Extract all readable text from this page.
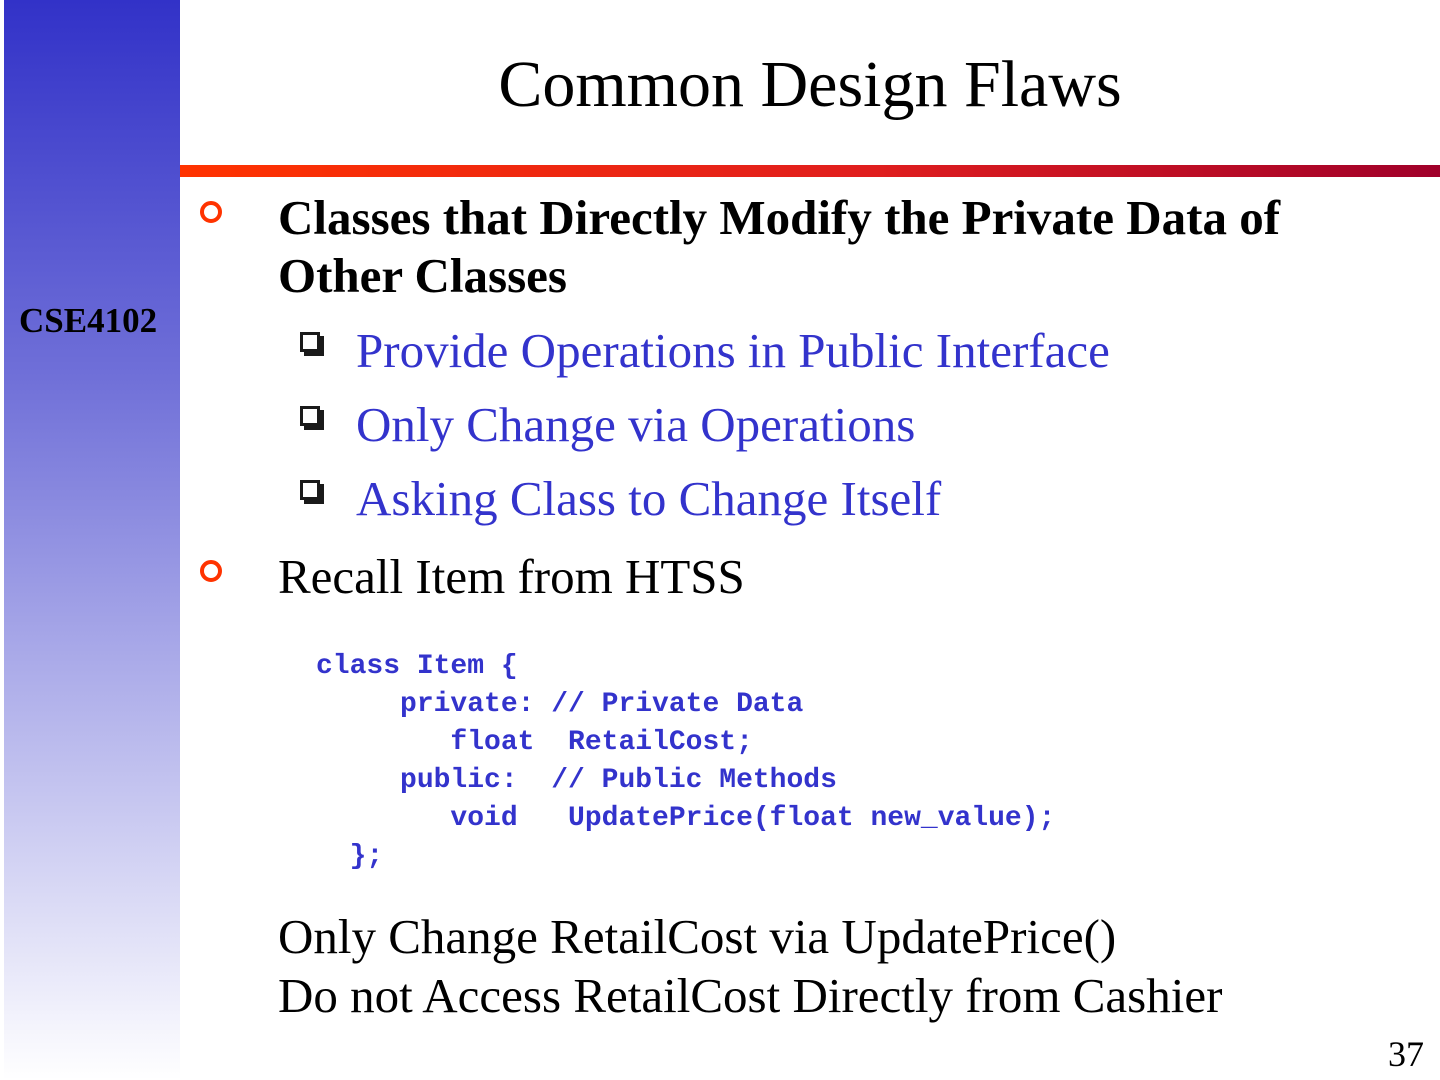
CSE4102
Common Design Flaws
Classes that Directly Modify the Private Data of
Other Classes
Provide Operations in Public Interface
Only Change via Operations
Asking Class to Change Itself
Recall Item from HTSS
class Item {
private: // Private Data
float  RetailCost;
public:  // Public Methods
void   UpdatePrice(float new_value);
};
Only Change RetailCost via UpdatePrice()
Do not Access RetailCost Directly from Cashier
37
